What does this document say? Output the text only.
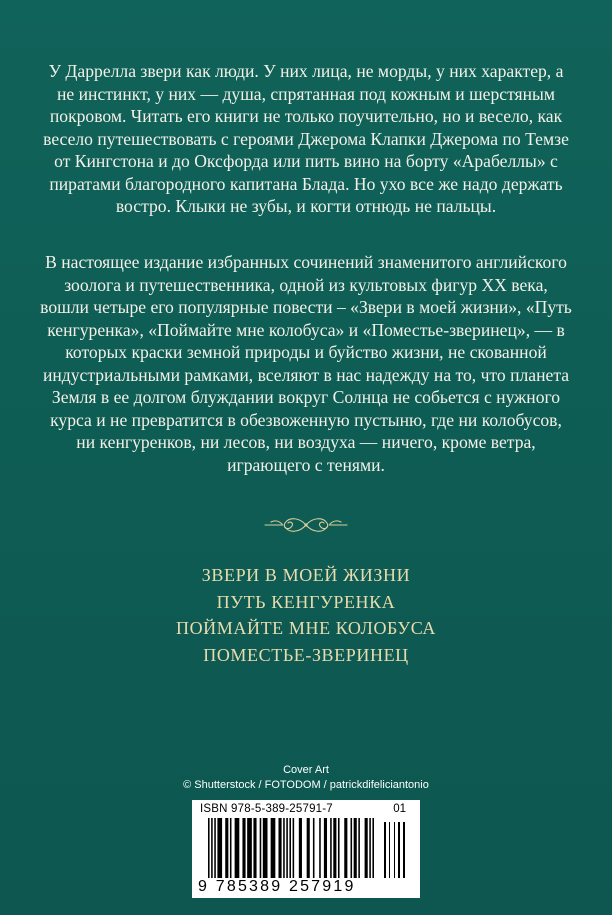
У Даррелла звери как люди. У них лица, не морды, у них характер, а не инстинкт, у них — душа, спрятанная под кожным и шерстяным покровом. Читать его книги не только поучительно, но и весело, как весело путешествовать с героями Джерома Клапки Джерома по Темзе от Кингстона и до Оксфорда или пить вино на борту «Арабеллы» с пиратами благородного капитана Блада. Но ухо все же надо держать востро. Клыки не зубы, и когти отнюдь не пальцы.

В настоящее издание избранных сочинений знаменитого английского зоолога и путешественника, одной из культовых фигур XX века, вошли четыре его популярные повести – «Звери в моей жизни», «Путь кенгуренка», «Поймайте мне колобуса» и «Поместье-зверинец», — в которых краски земной природы и буйство жизни, не скованной индустриальными рамками, вселяют в нас надежду на то, что планета Земля в ее долгом блуждании вокруг Солнца не собьется с нужного курса и не превратится в обезвоженную пустыню, где ни колобусов, ни кенгуренков, ни лесов, ни воздуха — ничего, кроме ветра, играющего с тенями.

ЗВЕРИ В МОЕЙ ЖИЗНИ
ПУТЬ КЕНГУРЕНКА
ПОЙМАЙТЕ МНЕ КОЛОБУСА
ПОМЕСТЬЕ-ЗВЕРИНЕЦ
Cover Art
© Shutterstock / FOTODOM / patrickdifeliciantonio
ISBN 978-5-389-25791-7	01
9 785389 257919
